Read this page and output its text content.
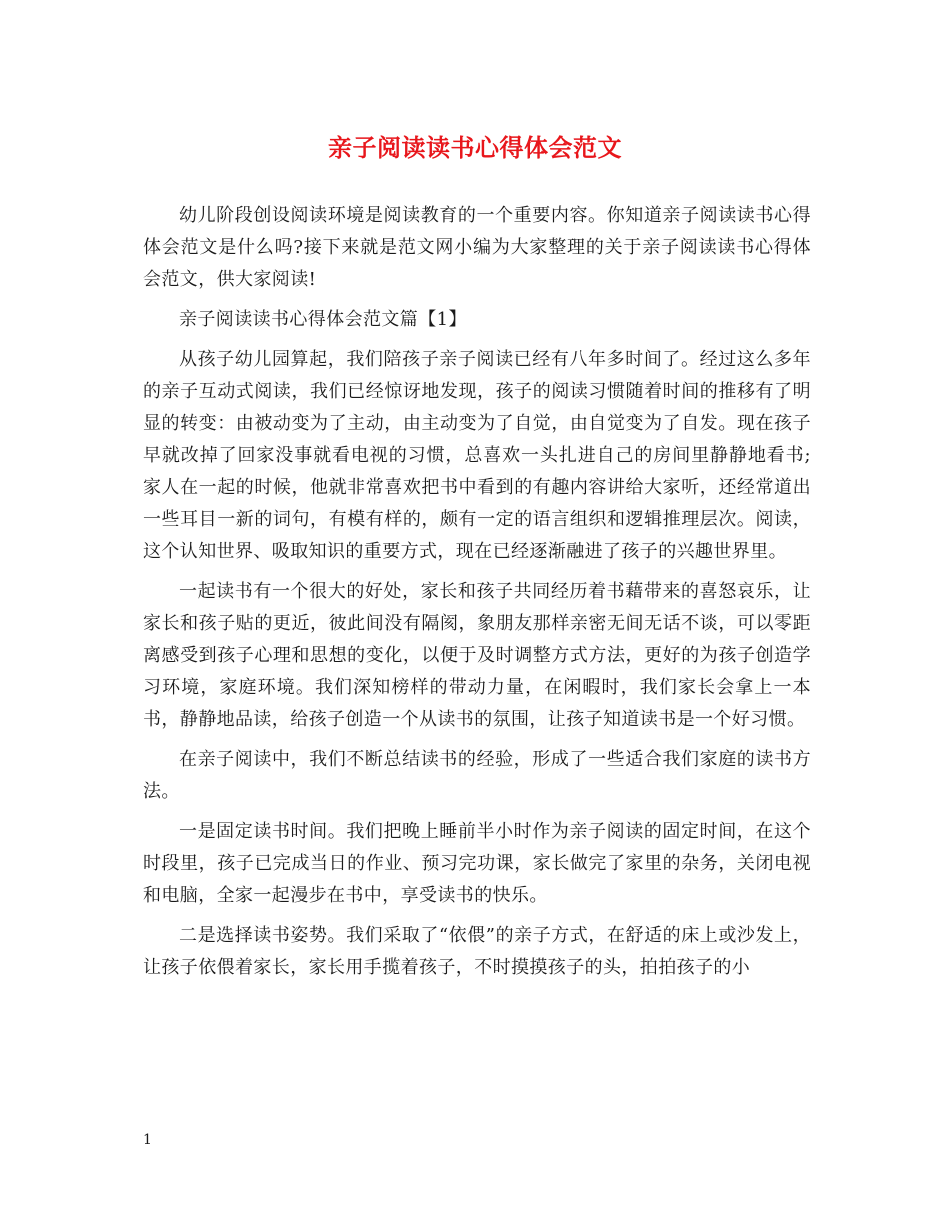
亲子阅读读书心得体会范文

幼儿阶段创设阅读环境是阅读教育的一个重要内容。你知道亲子阅读读书心得体会范文是什么吗?接下来就是范文网小编为大家整理的关于亲子阅读读书心得体会范文，供大家阅读!

亲子阅读读书心得体会范文篇【1】

从孩子幼儿园算起，我们陪孩子亲子阅读已经有八年多时间了。经过这么多年的亲子互动式阅读，我们已经惊讶地发现，孩子的阅读习惯随着时间的推移有了明显的转变：由被动变为了主动，由主动变为了自觉，由自觉变为了自发。现在孩子早就改掉了回家没事就看电视的习惯，总喜欢一头扎进自己的房间里静静地看书;家人在一起的时候，他就非常喜欢把书中看到的有趣内容讲给大家听，还经常道出一些耳目一新的词句，有模有样的，颇有一定的语言组织和逻辑推理层次。阅读，这个认知世界、吸取知识的重要方式，现在已经逐渐融进了孩子的兴趣世界里。

一起读书有一个很大的好处，家长和孩子共同经历着书藉带来的喜怒哀乐，让家长和孩子贴的更近，彼此间没有隔阂，象朋友那样亲密无间无话不谈，可以零距离感受到孩子心理和思想的变化，以便于及时调整方式方法，更好的为孩子创造学习环境，家庭环境。我们深知榜样的带动力量，在闲暇时，我们家长会拿上一本书，静静地品读，给孩子创造一个从读书的氛围，让孩子知道读书是一个好习惯。

在亲子阅读中，我们不断总结读书的经验，形成了一些适合我们家庭的读书方法。

一是固定读书时间。我们把晚上睡前半小时作为亲子阅读的固定时间，在这个时段里，孩子已完成当日的作业、预习完功课，家长做完了家里的杂务，关闭电视和电脑，全家一起漫步在书中，享受读书的快乐。

二是选择读书姿势。我们采取了“依偎”的亲子方式，在舒适的床上或沙发上，让孩子依偎着家长，家长用手揽着孩子，不时摸摸孩子的头，拍拍孩子的小

1
